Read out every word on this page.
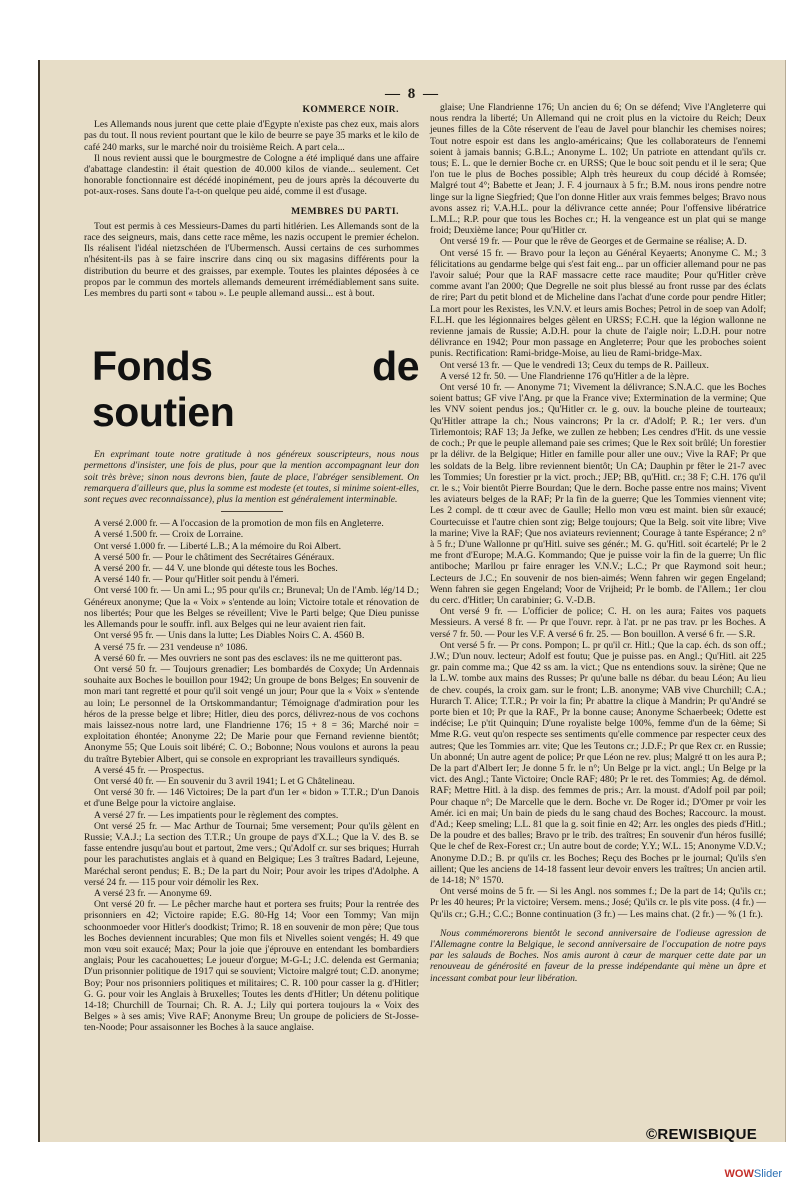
— 8 —
KOMMERCE NOIR.

Les Allemands nous jurent que cette plaie d'Egypte n'existe pas chez eux, mais alors pas du tout. Il nous revient pourtant que le kilo de beurre se paye 35 marks et le kilo de café 240 marks, sur le marché noir du troisième Reich. A part cela...

Il nous revient aussi que le bourgmestre de Cologne a été impliqué dans une affaire d'abattage clandestin: il était question de 40.000 kilos de viande... seulement. Cet honorable fonctionnaire est décédé inopinément, peu de jours après la découverte du pot-aux-roses. Sans doute l'a-t-on quelque peu aidé, comme il est d'usage.

MEMBRES DU PARTI.

Tout est permis à ces Messieurs-Dames du parti hitlérien. Les Allemands sont de la race des seigneurs, mais, dans cette race même, les nazis occupent le premier échelon. Ils réalisent l'idéal nietzschéen de l'Ubermensch. Aussi certains de ces surhommes n'hésitent-ils pas à se faire inscrire dans cinq ou six magasins différents pour la distribution du beurre et des graisses, par exemple. Toutes les plaintes déposées à ce propos par le commun des mortels allemands demeurent irrémédiablement sans suite. Les membres du parti sont « tabou ». Le peuple allemand aussi... est à bout.

Fonds de soutien

En exprimant toute notre gratitude à nos généreux souscripteurs, nous nous permettons d'insister, une fois de plus, pour que la mention accompagnant leur don soit très brève; sinon nous devrons bien, faute de place, l'abréger sensiblement. On remarquera d'ailleurs que, plus la somme est modeste (et toutes, si minime soient-elles, sont reçues avec reconnaissance), plus la mention est généralement interminable.

A versé 2.000 fr. — A l'occasion de la promotion de mon fils en Angleterre.

A versé 1.500 fr. — Croix de Lorraine.

Ont versé 1.000 fr. — Liberté L.B.; A la mémoire du Roi Albert.

A versé 500 fr. — Pour le châtiment des Secrétaires Généraux.

A versé 200 fr. — 44 V. une blonde qui déteste tous les Boches.

A versé 140 fr. — Pour qu'Hitler soit pendu à l'émeri.

Ont versé 100 fr. — Un ami L.; 95 pour qu'ils cr.; Bruneval; Un de l'Amb. lég/14 D.; Généreux anonyme; Que la « Voix » s'entende au loin; Victoire totale et rénovation de nos libertés; Pour que les Belges se réveillent; Vive le Parti belge; Que Dieu punisse les Allemands pour le souffr. infl. aux Belges qui ne leur avaient rien fait.

Ont versé 95 fr. — Unis dans la lutte; Les Diables Noirs C. A. 4560 B.

A versé 75 fr. — 231 vendeuse n° 1086.

A versé 60 fr. — Mes ouvriers ne sont pas des esclaves: ils ne me quitteront pas.

Ont versé 50 fr. — Toujours grenadier; Les bombardés de Coxyde; Un Ardennais souhaite aux Boches le bouillon pour 1942; Un groupe de bons Belges; En souvenir de mon mari tant regretté et pour qu'il soit vengé un jour; Pour que la « Voix » s'entende au loin; Le personnel de la Ortskommandantur; Témoignage d'admiration pour les héros de la presse belge et libre; Hitler, dieu des porcs, délivrez-nous de vos cochons mais laissez-nous notre lard, une Flandrienne 176; 15 + 8 = 36; Marché noir = exploitation éhontée; Anonyme 22; De Marie pour que Fernand revienne bientôt; Anonyme 55; Que Louis soit libéré; C. O.; Bobonne; Nous voulons et aurons la peau du traître Bytebier Albert, qui se console en expropriant les travailleurs syndiqués.

A versé 45 fr. — Prospectus.

Ont versé 40 fr. — En souvenir du 3 avril 1941; L et G Châtelineau.

Ont versé 30 fr. — 146 Victoires; De la part d'un 1er « bidon » T.T.R.; D'un Danois et d'une Belge pour la victoire anglaise.

A versé 27 fr. — Les impatients pour le règlement des comptes.

Ont versé 25 fr. — Mac Arthur de Tournai; 5me versement; Pour qu'ils gèlent en Russie; V.A.J.; La section des T.T.R.; Un groupe de pays d'X.L.; Que la V. des B. se fasse entendre jusqu'au bout et partout, 2me vers.; Qu'Adolf cr. sur ses briques; Hurrah pour les parachutistes anglais et à quand en Belgique; Les 3 traîtres Badard, Lejeune, Maréchal seront pendus; E. B.; De la part du Noir; Pour avoir les tripes d'Adolphe. A versé 24 fr. — 115 pour voir démolir les Rex.

A versé 23 fr. — Anonyme 69.

Ont versé 20 fr. — Le pêcher marche haut et portera ses fruits; Pour la rentrée des prisonniers en 42; Victoire rapide; E.G. 80-Hg 14; Voor een Tommy; Van mijn schoonmoeder voor Hitler's doodkist; Trimo; R. 18 en souvenir de mon père; Que tous les Boches deviennent incurables; Que mon fils et Nivelles soient vengés; H. 49 que mon vœu soit exaucé; Max; Pour la joie que j'éprouve en entendant les bombardiers anglais; Pour les cacahouettes; Le joueur d'orgue; M-G-L; J.C. delenda est Germania; D'un prisonnier politique de 1917 qui se souvient; Victoire malgré tout; C.D. anonyme; Boy; Pour nos prisonniers politiques et militaires; C. R. 100 pour casser la g. d'Hitler; G. G. pour voir les Anglais à Bruxelles; Toutes les dents d'Hitler; Un détenu politique 14-18; Churchill de Tournai; Ch. R. A. J.; Lily qui portera toujours la « Voix des Belges » à ses amis; Vive RAF; Anonyme Breu; Un groupe de policiers de St-Josse-ten-Noode; Pour assaisonner les Boches à la sauce anglaise.

glaise; Une Flandrienne 176; Un ancien du 6; On se défend; Vive l'Angleterre qui nous rendra la liberté; Un Allemand qui ne croit plus en la victoire du Reich; Deux jeunes filles de la Côte réservent de l'eau de Javel pour blanchir les chemises noires; Tout notre espoir est dans les anglo-américains; Que les collaborateurs de l'ennemi soient à jamais bannis; G.B.L.; Anonyme L. 102; Un patriote en attendant qu'ils cr. tous; E. L. que le dernier Boche cr. en URSS; Que le bouc soit pendu et il le sera; Que l'on tue le plus de Boches possible; Alph très heureux du coup décidé à Romsée; Malgré tout 4°; Babette et Jean; J. F. 4 journaux à 5 fr.; B.M. nous irons pendre notre linge sur la ligne Siegfried; Que l'on donne Hitler aux vrais femmes belges; Bravo nous avons assez ri; V.A.H.L. pour la délivrance cette année; Pour l'offensive libératrice L.M.L.; R.P. pour que tous les Boches cr.; H. la vengeance est un plat qui se mange froid; Deuxième lance; Pour qu'Hitler cr.

Ont versé 19 fr. — Pour que le rêve de Georges et de Germaine se réalise; A. D.

Ont versé 15 fr. — Bravo pour la leçon au Général Keyaerts; Anonyme C. M.; 3 félicitations au gendarme belge qui s'est fait eng... par un officier allemand pour ne pas l'avoir salué; Pour que la RAF massacre cette race maudite; Pour qu'Hitler crève comme avant l'an 2000; Que Degrelle ne soit plus blessé au front russe par des éclats de rire; Part du petit blond et de Micheline dans l'achat d'une corde pour pendre Hitler; La mort pour les Rexistes, les V.N.V. et leurs amis Boches; Petrol in de soep van Adolf; F.L.H. que les légionnaires belges gèlent en URSS; F.C.H. que la légion wallonne ne revienne jamais de Russie; A.D.H. pour la chute de l'aigle noir; L.D.H. pour notre délivrance en 1942; Pour mon passage en Angleterre; Pour que les proboches soient punis. Rectification: Rami-bridge-Moise, au lieu de Rami-bridge-Max.

Ont versé 13 fr. — Que le vendredi 13; Ceux du temps de R. Pailleux.

A versé 12 fr. 50. — Une Flandrienne 176 qu'Hitler a de la lèpre.

Ont versé 10 fr. — Anonyme 71; Vivement la délivrance; S.N.A.C. que les Boches soient battus; GF vive l'Ang. pr que la France vive; Extermination de la vermine; Que les VNV soient pendus jos.; Qu'Hitler cr. le g. ouv. la bouche pleine de tourteaux; Qu'Hitler attrape la ch.; Nous vaincrons; Pr la cr. d'Adolf; P. R.; 1er vers. d'un Tirlemontois; RAF 13; Ja Jefke, we zullen ze hebben; Les cendres d'Hit. ds une vessie de coch.; Pr que le peuple allemand paie ses crimes; Que le Rex soit brûlé; Un forestier pr la délivr. de la Belgique; Hitler en famille pour aller une ouv.; Vive la RAF; Pr que les soldats de la Belg. libre reviennent bientôt; Un CA; Dauphin pr fêter le 21-7 avec les Tommies; Un forestier pr la vict. proch.; JEP; BB, qu'Hitl. cr.; 38 F; C.H. 176 qu'il cr. le s.; Voir bientôt Pierre Bourdan; Que le dern. Boche passe entre nos mains; Vivent les aviateurs belges de la RAF; Pr la fin de la guerre; Que les Tommies viennent vite; Les 2 compl. de tt cœur avec de Gaulle; Hello mon vœu est maint. bien sûr exaucé; Courtecuisse et l'autre chien sont zig; Belge toujours; Que la Belg. soit vite libre; Vive la marine; Vive la RAF; Que nos aviateurs reviennent; Courage à tante Espérance; 2 n° à 5 fr.; D'une Wallonne pr qu'Hitl. suive ses génér.; M. G. qu'Hitl. soit écartelé; Pr le 2 me front d'Europe; M.A.G. Kommando; Que je puisse voir la fin de la guerre; Un flic antiboche; Marllou pr faire enrager les V.N.V.; L.C.; Pr que Raymond soit heur.; Lecteurs de J.C.; En souvenir de nos bien-aimés; Wenn fahren wir gegen Engeland; Wenn fahren sie gegen Engeland; Voor de Vrijheid; Pr le bomb. de l'Allem.; 1er clou du cerc. d'Hitler; Un carabinier; G. V.-D.B.

Ont versé 9 fr. — L'officier de police; C. H. on les aura; Faites vos paquets Messieurs. A versé 8 fr. — Pr que l'ouvr. repr. à l'at. pr ne pas trav. pr les Boches. A versé 7 fr. 50. — Pour les V.F. A versé 6 fr. 25. — Bon bouillon. A versé 6 fr. — S.R.

Ont versé 5 fr. — Pr cons. Pompon; L. pr qu'il cr. Hitl.; Que la cap. éch. ds son off.; J.W.; D'un nouv. lecteur; Adolf est foutu; Que je puisse pas. en Angl.; Qu'Hitl. ait 225 gr. pain comme ma.; Que 42 ss am. la vict.; Que ns entendions souv. la sirène; Que ne la L.W. tombe aux mains des Russes; Pr qu'une balle ns débar. du beau Léon; Au lieu de chev. coupés, la croix gam. sur le front; L.B. anonyme; VAB vive Churchill; C.A.; Hurarch T. Alice; T.T.R.; Pr voir la fin; Pr abattre la clique à Mandrin; Pr qu'André se porte bien et 10; Pr que la RAF., Pr la bonne cause; Anonyme Schaerbeek; Odette est indécise; Le p'tit Quinquin; D'une royaliste belge 100%, femme d'un de la 6ème; Si Mme R.G. veut qu'on respecte ses sentiments qu'elle commence par respecter ceux des autres; Que les Tommies arr. vite; Que les Teutons cr.; J.D.F.; Pr que Rex cr. en Russie; Un abonné; Un autre agent de police; Pr que Léon ne rev. plus; Malgré tt on les aura P.; De la part d'Albert Ier; Je donne 5 fr. le n°; Un Belge pr la vict. angl.; Un Belge pr la vict. des Angl.; Tante Victoire; Oncle RAF; 480; Pr le ret. des Tommies; Ag. de démol. RAF; Mettre Hitl. à la disp. des femmes de pris.; Arr. la moust. d'Adolf poil par poil; Pour chaque n°; De Marcelle que le dern. Boche vr. De Roger id.; D'Omer pr voir les Amér. ici en mai; Un bain de pieds du le sang chaud des Boches; Raccourc. la moust. d'Ad.; Keep smeling; L.L. 81 que la g. soit finie en 42; Arr. les ongles des pieds d'Hitl.; De la poudre et des balles; Bravo pr le trib. des traîtres; En souvenir d'un héros fusillé; Que le chef de Rex-Forest cr.; Un autre bout de corde; Y.Y.; W.L. 15; Anonyme V.D.V.; Anonyme D.D.; B. pr qu'ils cr. les Boches; Reçu des Boches pr le journal; Qu'ils s'en aillent; Que les anciens de 14-18 fassent leur devoir envers les traîtres; Un ancien artil. de 14-18; N° 1570.

Ont versé moins de 5 fr. — Si les Angl. nos sommes f.; De la part de 14; Qu'ils cr.; Pr les 40 heures; Pr la victoire; Versem. mens.; José; Qu'ils cr. le pls vite poss. (4 fr.) — Qu'ils cr.; G.H.; C.C.; Bonne continuation (3 fr.) — Les mains chat. (2 fr.) — % (1 fr.).

Nous commémorerons bientôt le second anniversaire de l'odieuse agression de l'Allemagne contre la Belgique, le second anniversaire de l'occupation de notre pays par les salauds de Boches. Nos amis auront à cœur de marquer cette date par un renouveau de générosité en faveur de la presse indépendante qui mène un âpre et incessant combat pour leur libération.

©REWISBIQUE
WOWSlider
